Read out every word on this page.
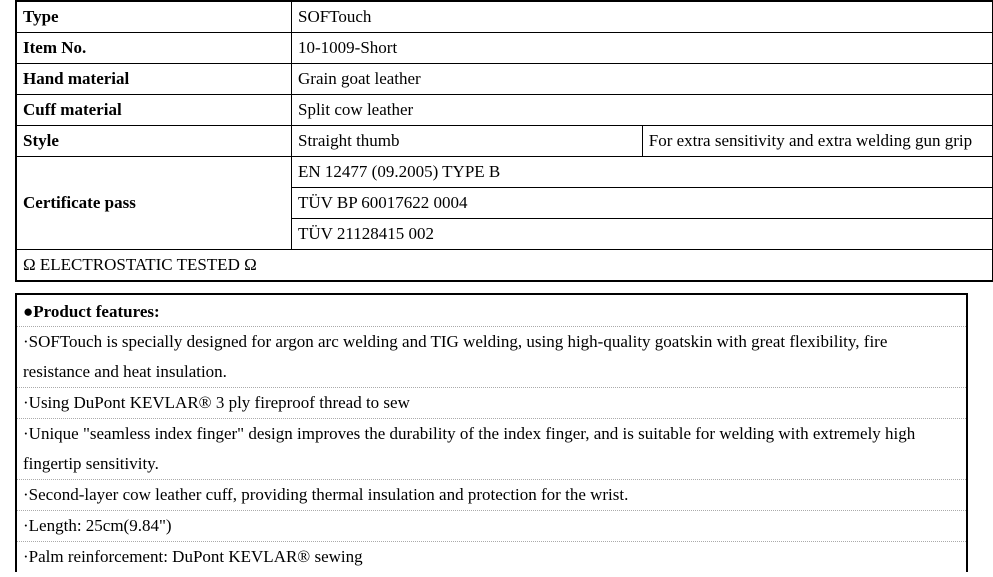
Type	SOFTouch	
Item No.	10-1009-Short	
Hand material	Grain goat leather	
Cuff material	Split cow leather	
Style	Straight thumb	For extra sensitivity and extra welding gun grip
Certificate pass	EN 12477 (09.2005) TYPE B	
	TÜV BP 60017622 0004	
	TÜV 21128415 002	
Ω ELECTROSTATIC TESTED Ω		
●Product features:
·SOFTouch is specially designed for argon arc welding and TIG welding, using high-quality goatskin with great flexibility, fire resistance and heat insulation.
·Using DuPont KEVLAR® 3 ply fireproof thread to sew
·Unique "seamless index finger" design improves the durability of the index finger, and is suitable for welding with extremely high fingertip sensitivity.
·Second-layer cow leather cuff, providing thermal insulation and protection for the wrist.
·Length: 25cm(9.84")
·Palm reinforcement: DuPont KEVLAR® sewing
